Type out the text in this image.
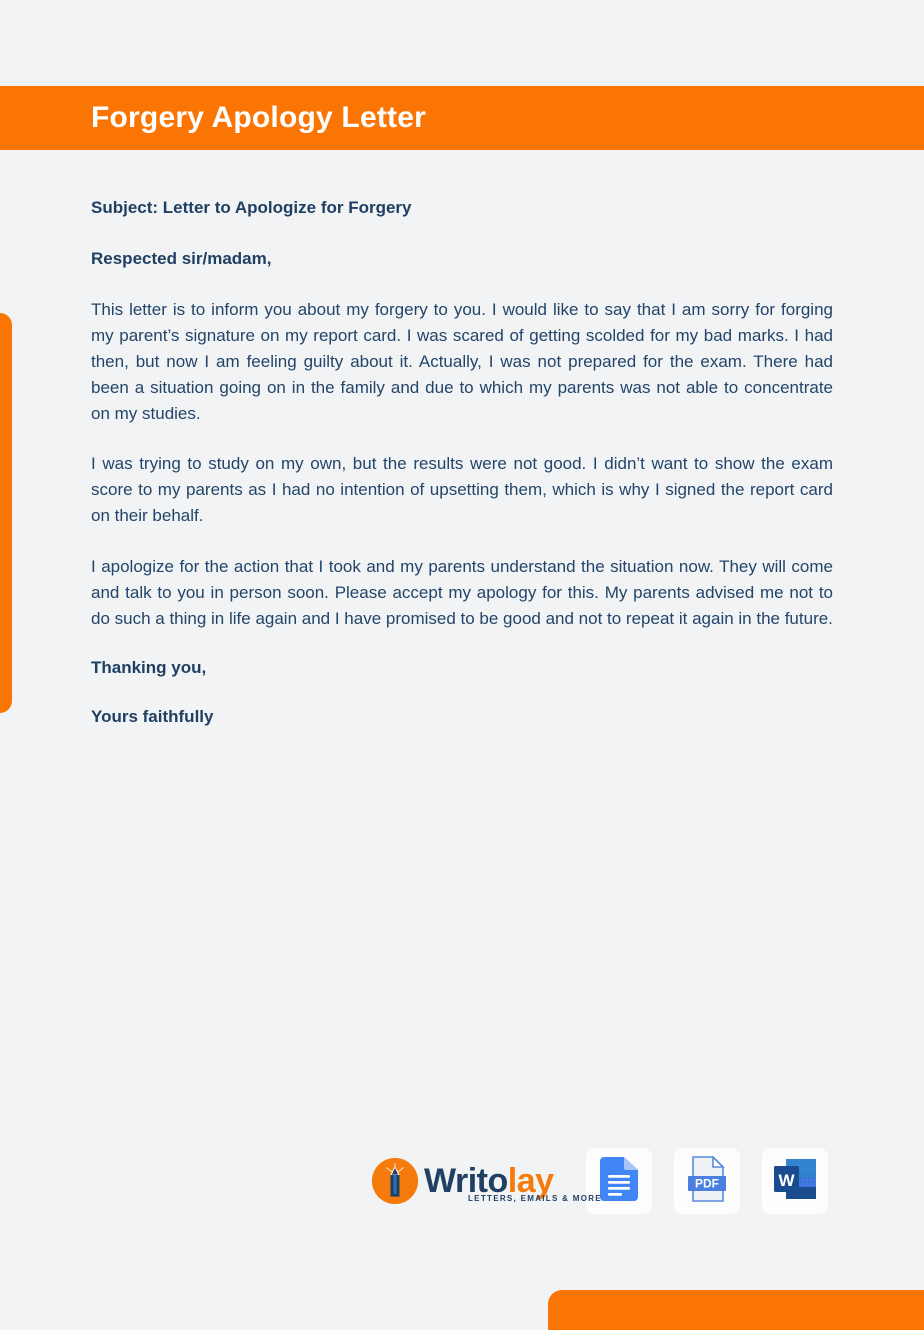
Forgery Apology Letter

Subject: Letter to Apologize for Forgery

Respected sir/madam,

This letter is to inform you about my forgery to you. I would like to say that I am sorry for forging my parent’s signature on my report card. I was scared of getting scolded for my bad marks. I had then, but now I am feeling guilty about it. Actually, I was not prepared for the exam. There had been a situation going on in the family and due to which my parents was not able to concentrate on my studies.

I was trying to study on my own, but the results were not good. I didn’t want to show the exam score to my parents as I had no intention of upsetting them, which is why I signed the report card on their behalf.

I apologize for the action that I took and my parents understand the situation now. They will come and talk to you in person soon. Please accept my apology for this. My parents advised me not to do such a thing in life again and I have promised to be good and not to repeat it again in the future.

Thanking you,

Yours faithfully

Writolay
LETTERS, EMAILS & MORE
PDF	W
